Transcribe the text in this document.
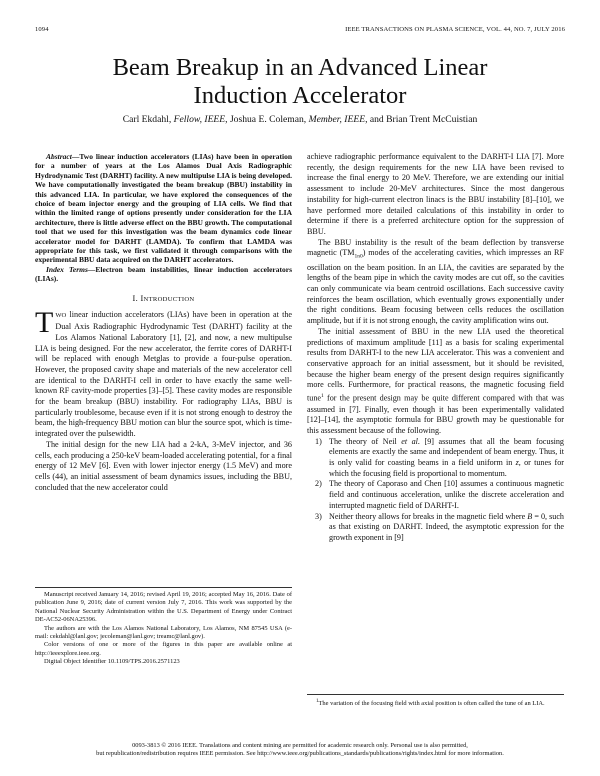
1094	IEEE TRANSACTIONS ON PLASMA SCIENCE, VOL. 44, NO. 7, JULY 2016
Beam Breakup in an Advanced Linear
Induction Accelerator
Carl Ekdahl, Fellow, IEEE, Joshua E. Coleman, Member, IEEE, and Brian Trent McCuistian

Abstract—Two linear induction accelerators (LIAs) have been in operation for a number of years at the Los Alamos Dual Axis Radiographic Hydrodynamic Test (DARHT) facility. A new multipulse LIA is being developed. We have computationally investigated the beam breakup (BBU) instability in this advanced LIA. In particular, we have explored the consequences of the choice of beam injector energy and the grouping of LIA cells. We find that within the limited range of options presently under consideration for the LIA architecture, there is little adverse effect on the BBU growth. The computational tool that we used for this investigation was the beam dynamics code linear accelerator model for DARHT (LAMDA). To confirm that LAMDA was appropriate for this task, we first validated it through comparisons with the experimental BBU data acquired on the DARHT accelerators.

Index Terms—Electron beam instabilities, linear induction accelerators (LIAs).

I. INTRODUCTION

TWO linear induction accelerators (LIAs) have been in operation at the Dual Axis Radiographic Hydrodynamic Test (DARHT) facility at the Los Alamos National Laboratory [1], [2], and now, a new multipulse LIA is being designed. For the new accelerator, the ferrite cores of DARHT-I will be replaced with enough Metglas to provide a four-pulse operation. However, the proposed cavity shape and materials of the new accelerator cell are identical to the DARHT-I cell in order to have exactly the same well-known RF cavity-mode properties [3]–[5]. These cavity modes are responsible for the beam breakup (BBU) instability. For radiography LIAs, BBU is particularly troublesome, because even if it is not strong enough to destroy the beam, the high-frequency BBU motion can blur the source spot, which is time-integrated over the pulsewidth.

The initial design for the new LIA had a 2-kA, 3-MeV injector, and 36 cells, each producing a 250-keV beam-loaded accelerating potential, for a final energy of 12 MeV [6]. Even with lower injector energy (1.5 MeV) and more cells (44), an initial assessment of beam dynamics issues, including the BBU, concluded that the new accelerator could

Manuscript received January 14, 2016; revised April 19, 2016; accepted May 16, 2016. Date of publication June 9, 2016; date of current version July 7, 2016. This work was supported by the National Nuclear Security Administration within the U.S. Department of Energy under Contract DE-AC52-06NA25396.

The authors are with the Los Alamos National Laboratory, Los Alamos, NM 87545 USA (e-mail: cekdahl@lanl.gov; jecoleman@lanl.gov; treamc@lanl.gov).

Color versions of one or more of the figures in this paper are available online at http://ieeexplore.ieee.org.

Digital Object Identifier 10.1109/TPS.2016.2571123

achieve radiographic performance equivalent to the DARHT-I LIA [7]. More recently, the design requirements for the new LIA have been revised to increase the final energy to 20 MeV. Therefore, we are extending our initial assessment to include 20-MeV architectures. Since the most dangerous instability for high-current electron linacs is the BBU instability [8]–[10], we have performed more detailed calculations of this instability in order to determine if there is a preferred architecture option for the suppression of BBU.

The BBU instability is the result of the beam deflection by transverse magnetic $(TM_{1n0})$ modes of the accelerating cavities, which impresses an RF oscillation on the beam position. In an LIA, the cavities are separated by the lengths of the beam pipe in which the cavity modes are cut off, so the cavities can only communicate via beam centroid oscillations. Each successive cavity reinforces the beam oscillation, which eventually grows exponentially under the right conditions. Beam focusing between cells reduces the oscillation amplitude, but if it is not strong enough, the cavity amplification wins out.

The initial assessment of BBU in the new LIA used the theoretical predictions of maximum amplitude [11] as a basis for scaling experimental results from DARHT-I to the new LIA accelerator. This was a convenient and conservative approach for an initial assessment, but it should be revisited, because the higher beam energy of the present design requires significantly more cells. Furthermore, for practical reasons, the magnetic focusing field tune$^1$ for the present design may be quite different compared with that was assumed in [7]. Finally, even though it has been experimentally validated [12]–[14], the asymptotic formula for BBU growth may be questionable for this assessment because of the following.

1) The theory of Neil et al. [9] assumes that all the beam focusing elements are exactly the same and independent of beam energy. Thus, it is only valid for coasting beams in a field uniform in z, or tunes for which the focusing field is proportional to momentum.
2) The theory of Caporaso and Chen [10] assumes a continuous magnetic field and continuous acceleration, unlike the discrete acceleration and interrupted magnetic field of DARHT-I.
3) Neither theory allows for breaks in the magnetic field where B = 0, such as that existing on DARHT. Indeed, the asymptotic expression for the growth exponent in [9]

$^1$The variation of the focusing field with axial position is often called the tune of an LIA.

0093-3813 © 2016 IEEE. Translations and content mining are permitted for academic research only. Personal use is also permitted,
but republication/redistribution requires IEEE permission. See http://www.ieee.org/publications_standards/publications/rights/index.html for more information.
